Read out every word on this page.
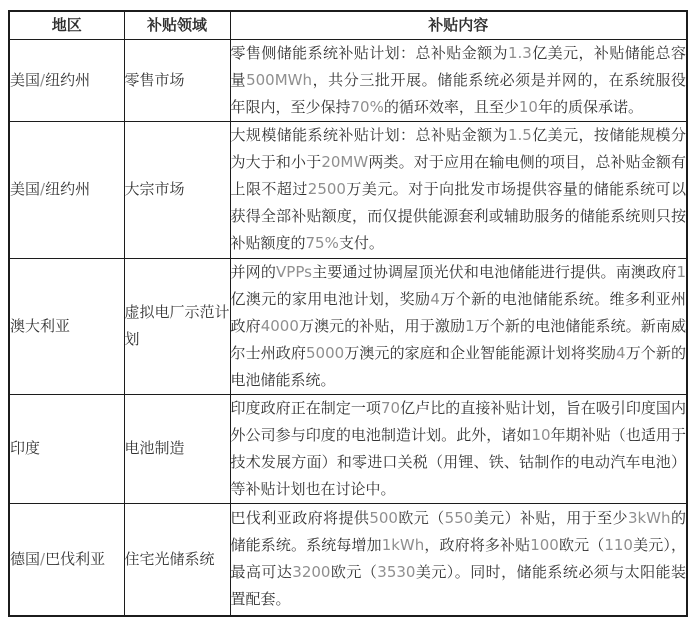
地区	补贴领域	补贴内容
美国/纽约州	零售市场	零售侧储能系统补贴计划：总补贴金额为1.3亿美元，补贴储能总容量500MWh，共分三批开展。储能系统必须是并网的，在系统服役年限内，至少保持70%的循环效率，且至少10年的质保承诺。
美国/纽约州	大宗市场	大规模储能系统补贴计划：总补贴金额为1.5亿美元，按储能规模分为大于和小于20MW两类。对于应用在输电侧的项目，总补贴金额有上限不超过2500万美元。对于向批发市场提供容量的储能系统可以获得全部补贴额度，而仅提供能源套利或辅助服务的储能系统则只按补贴额度的75%支付。
澳大利亚	虚拟电厂示范计划	并网的VPPs主要通过协调屋顶光伏和电池储能进行提供。南澳政府1亿澳元的家用电池计划，奖励4万个新的电池储能系统。维多利亚州政府4000万澳元的补贴，用于激励1万个新的电池储能系统。新南威尔士州政府5000万澳元的家庭和企业智能能源计划将奖励4万个新的电池储能系统。
印度	电池制造	印度政府正在制定一项70亿卢比的直接补贴计划，旨在吸引印度国内外公司参与印度的电池制造计划。此外，诸如10年期补贴（也适用于技术发展方面）和零进口关税（用锂、铁、钴制作的电动汽车电池）等补贴计划也在讨论中。
德国/巴伐利亚	住宅光储系统	巴伐利亚政府将提供500欧元（550美元）补贴，用于至少3kWh的储能系统。系统每增加1kWh，政府将多补贴100欧元（110美元），最高可达3200欧元（3530美元）。同时，储能系统必须与太阳能装置配套。
